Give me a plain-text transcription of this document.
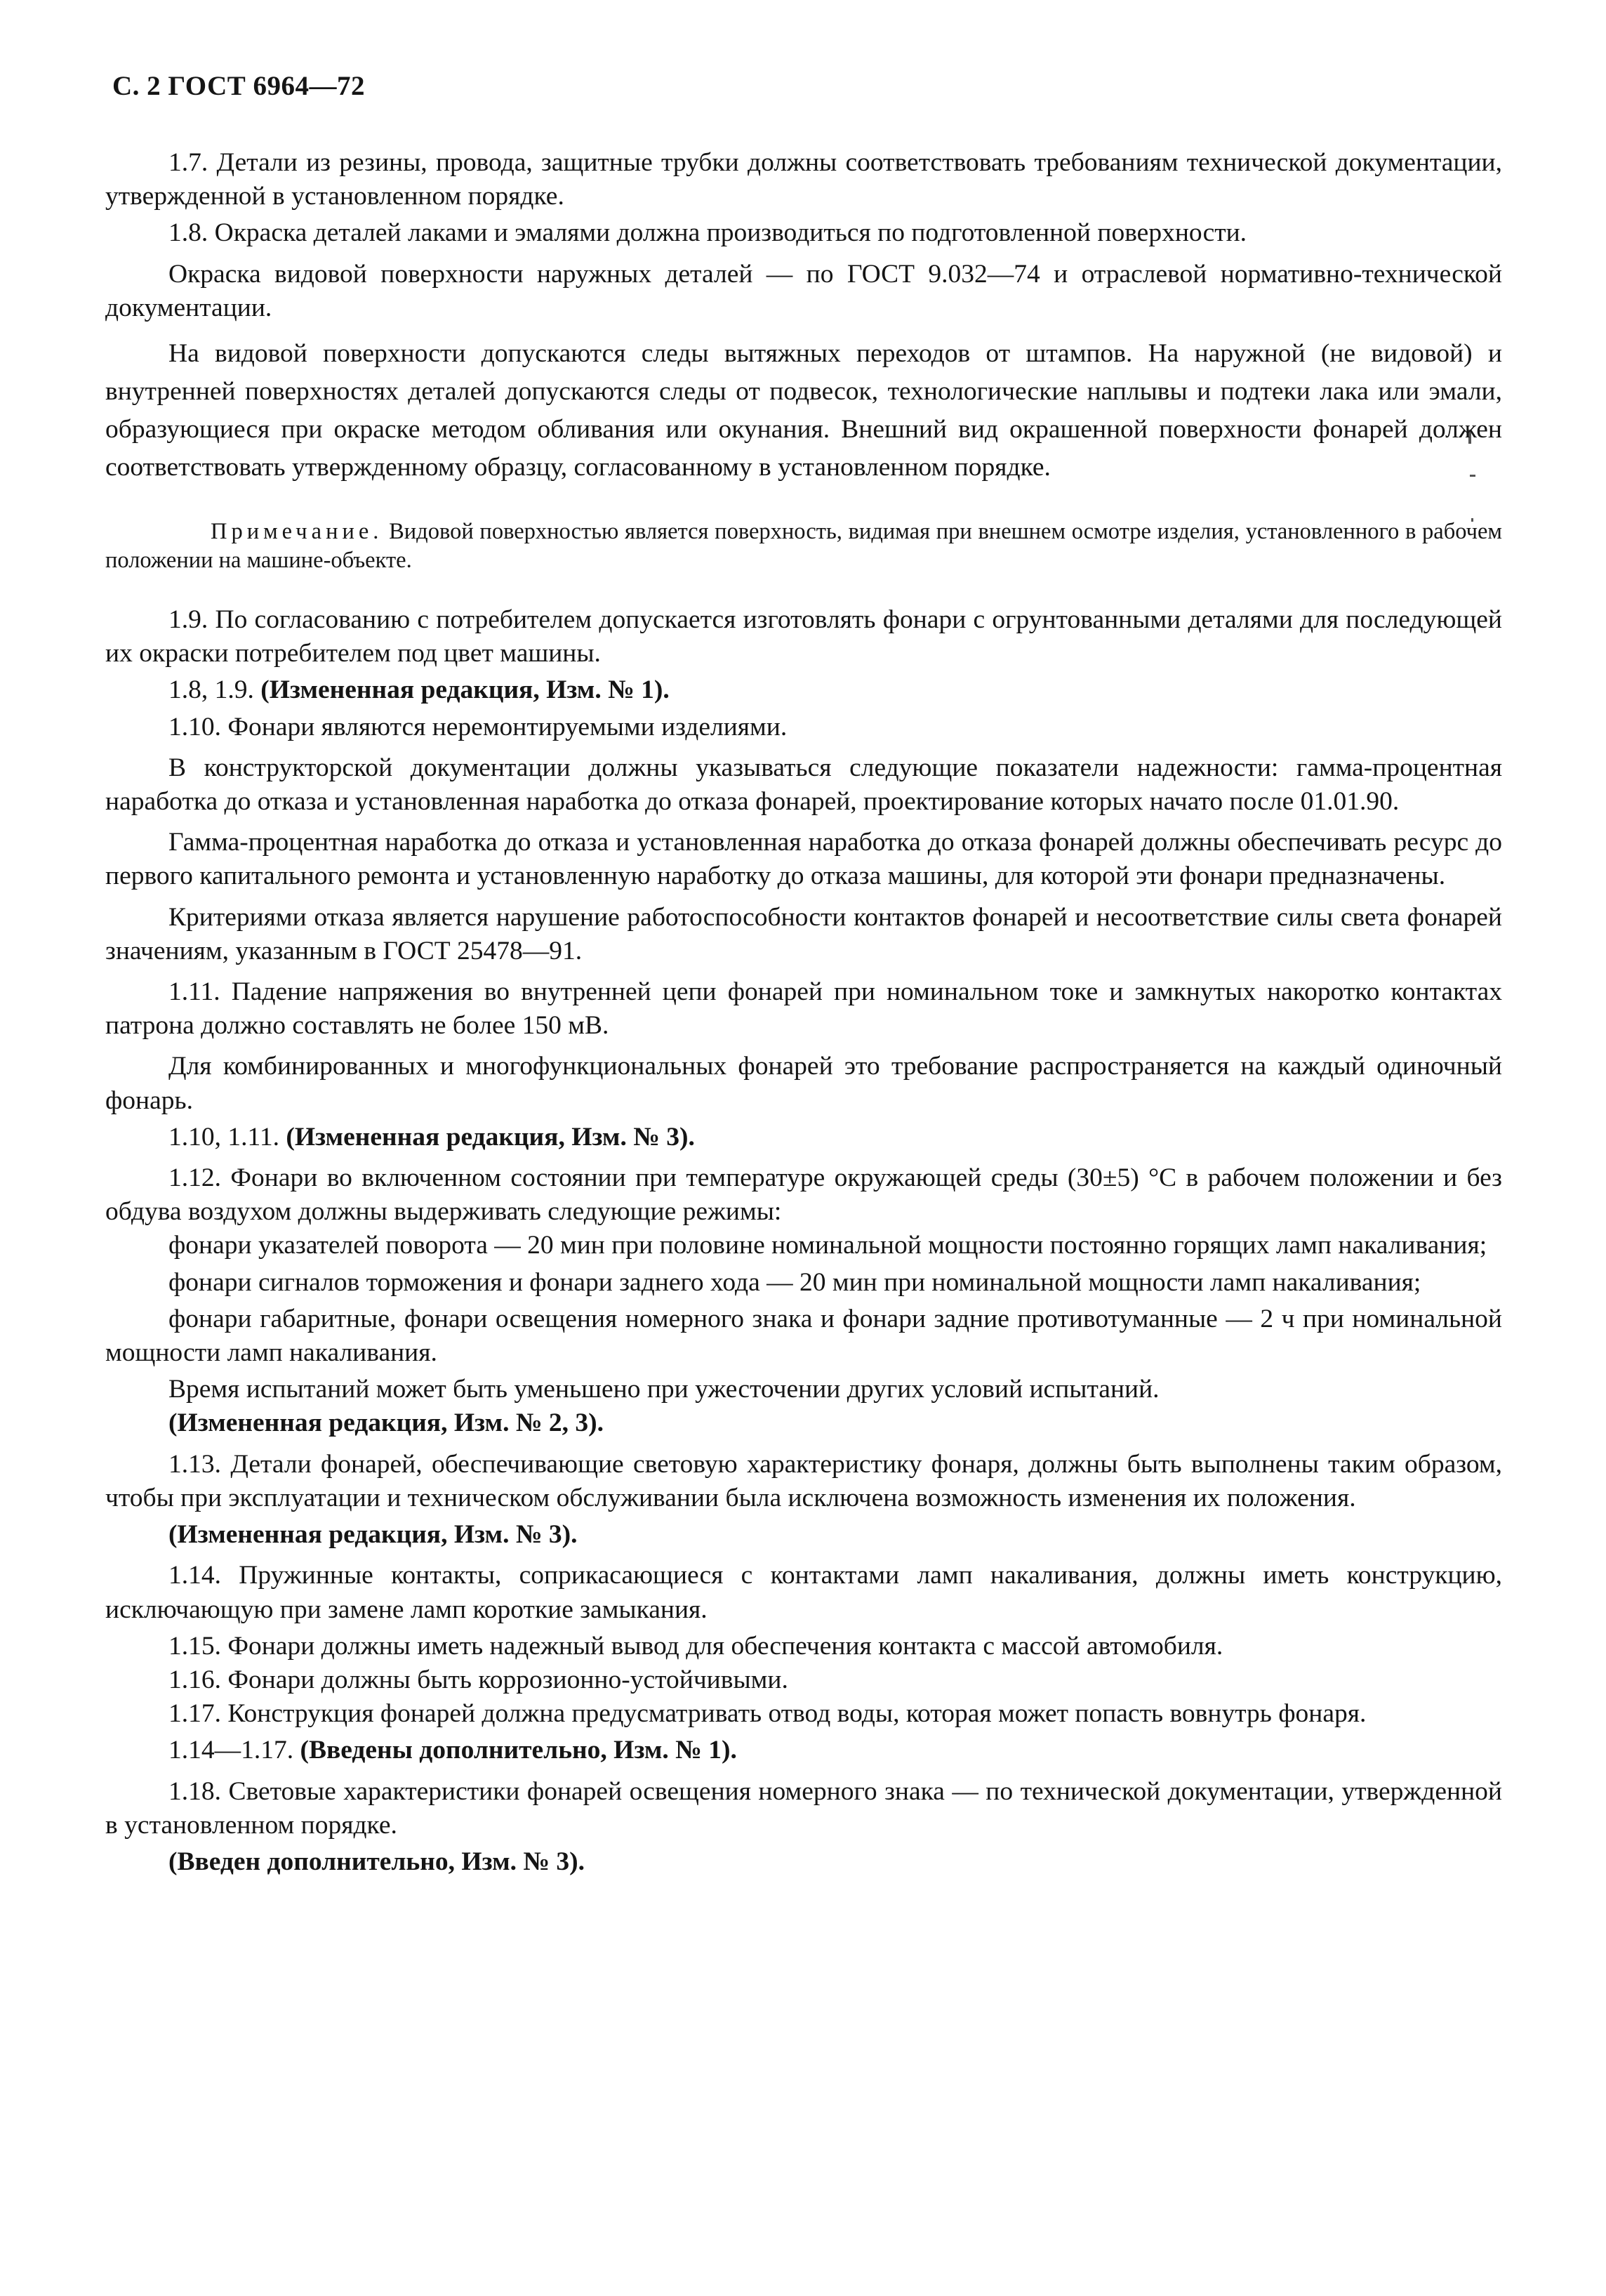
С. 2 ГОСТ 6964—72

1.7. Детали из резины, провода, защитные трубки должны соответствовать требованиям технической документации, утвержденной в установленном порядке.

1.8. Окраска деталей лаками и эмалями должна производиться по подготовленной поверхности.

Окраска видовой поверхности наружных деталей — по ГОСТ 9.032—74 и отраслевой нормативно-технической документации.

На видовой поверхности допускаются следы вытяжных переходов от штампов. На наружной (не видовой) и внутренней поверхностях деталей допускаются следы от подвесок, технологические наплывы и подтеки лака или эмали, образующиеся при окраске методом обливания или окунания. Внешний вид окрашенной поверхности фонарей должен соответствовать утвержденному образцу, согласованному в установленном порядке.

Примечание. Видовой поверхностью является поверхность, видимая при внешнем осмотре изделия, установленного в рабочем положении на машине-объекте.

1.9. По согласованию с потребителем допускается изготовлять фонари с огрунтованными деталями для последующей их окраски потребителем под цвет машины.

1.8, 1.9. (Измененная редакция, Изм. № 1).

1.10. Фонари являются неремонтируемыми изделиями.

В конструкторской документации должны указываться следующие показатели надежности: гамма-процентная наработка до отказа и установленная наработка до отказа фонарей, проектирование которых начато после 01.01.90.

Гамма-процентная наработка до отказа и установленная наработка до отказа фонарей должны обеспечивать ресурс до первого капитального ремонта и установленную наработку до отказа машины, для которой эти фонари предназначены.

Критериями отказа является нарушение работоспособности контактов фонарей и несоответствие силы света фонарей значениям, указанным в ГОСТ 25478—91.

1.11. Падение напряжения во внутренней цепи фонарей при номинальном токе и замкнутых накоротко контактах патрона должно составлять не более 150 мВ.

Для комбинированных и многофункциональных фонарей это требование распространяется на каждый одиночный фонарь.

1.10, 1.11. (Измененная редакция, Изм. № 3).

1.12. Фонари во включенном состоянии при температуре окружающей среды (30±5) °С в рабочем положении и без обдува воздухом должны выдерживать следующие режимы:

фонари указателей поворота — 20 мин при половине номинальной мощности постоянно горящих ламп накаливания;

фонари сигналов торможения и фонари заднего хода — 20 мин при номинальной мощности ламп накаливания;

фонари габаритные, фонари освещения номерного знака и фонари задние противотуманные — 2 ч при номинальной мощности ламп накаливания.

Время испытаний может быть уменьшено при ужесточении других условий испытаний.

(Измененная редакция, Изм. № 2, 3).

1.13. Детали фонарей, обеспечивающие световую характеристику фонаря, должны быть выполнены таким образом, чтобы при эксплуатации и техническом обслуживании была исключена возможность изменения их положения.

(Измененная редакция, Изм. № 3).

1.14. Пружинные контакты, соприкасающиеся с контактами ламп накаливания, должны иметь конструкцию, исключающую при замене ламп короткие замыкания.

1.15. Фонари должны иметь надежный вывод для обеспечения контакта с массой автомобиля.

1.16. Фонари должны быть коррозионно-устойчивыми.

1.17. Конструкция фонарей должна предусматривать отвод воды, которая может попасть вовнутрь фонаря.

1.14—1.17. (Введены дополнительно, Изм. № 1).

1.18. Световые характеристики фонарей освещения номерного знака — по технической документации, утвержденной в установленном порядке.

(Введен дополнительно, Изм. № 3).
